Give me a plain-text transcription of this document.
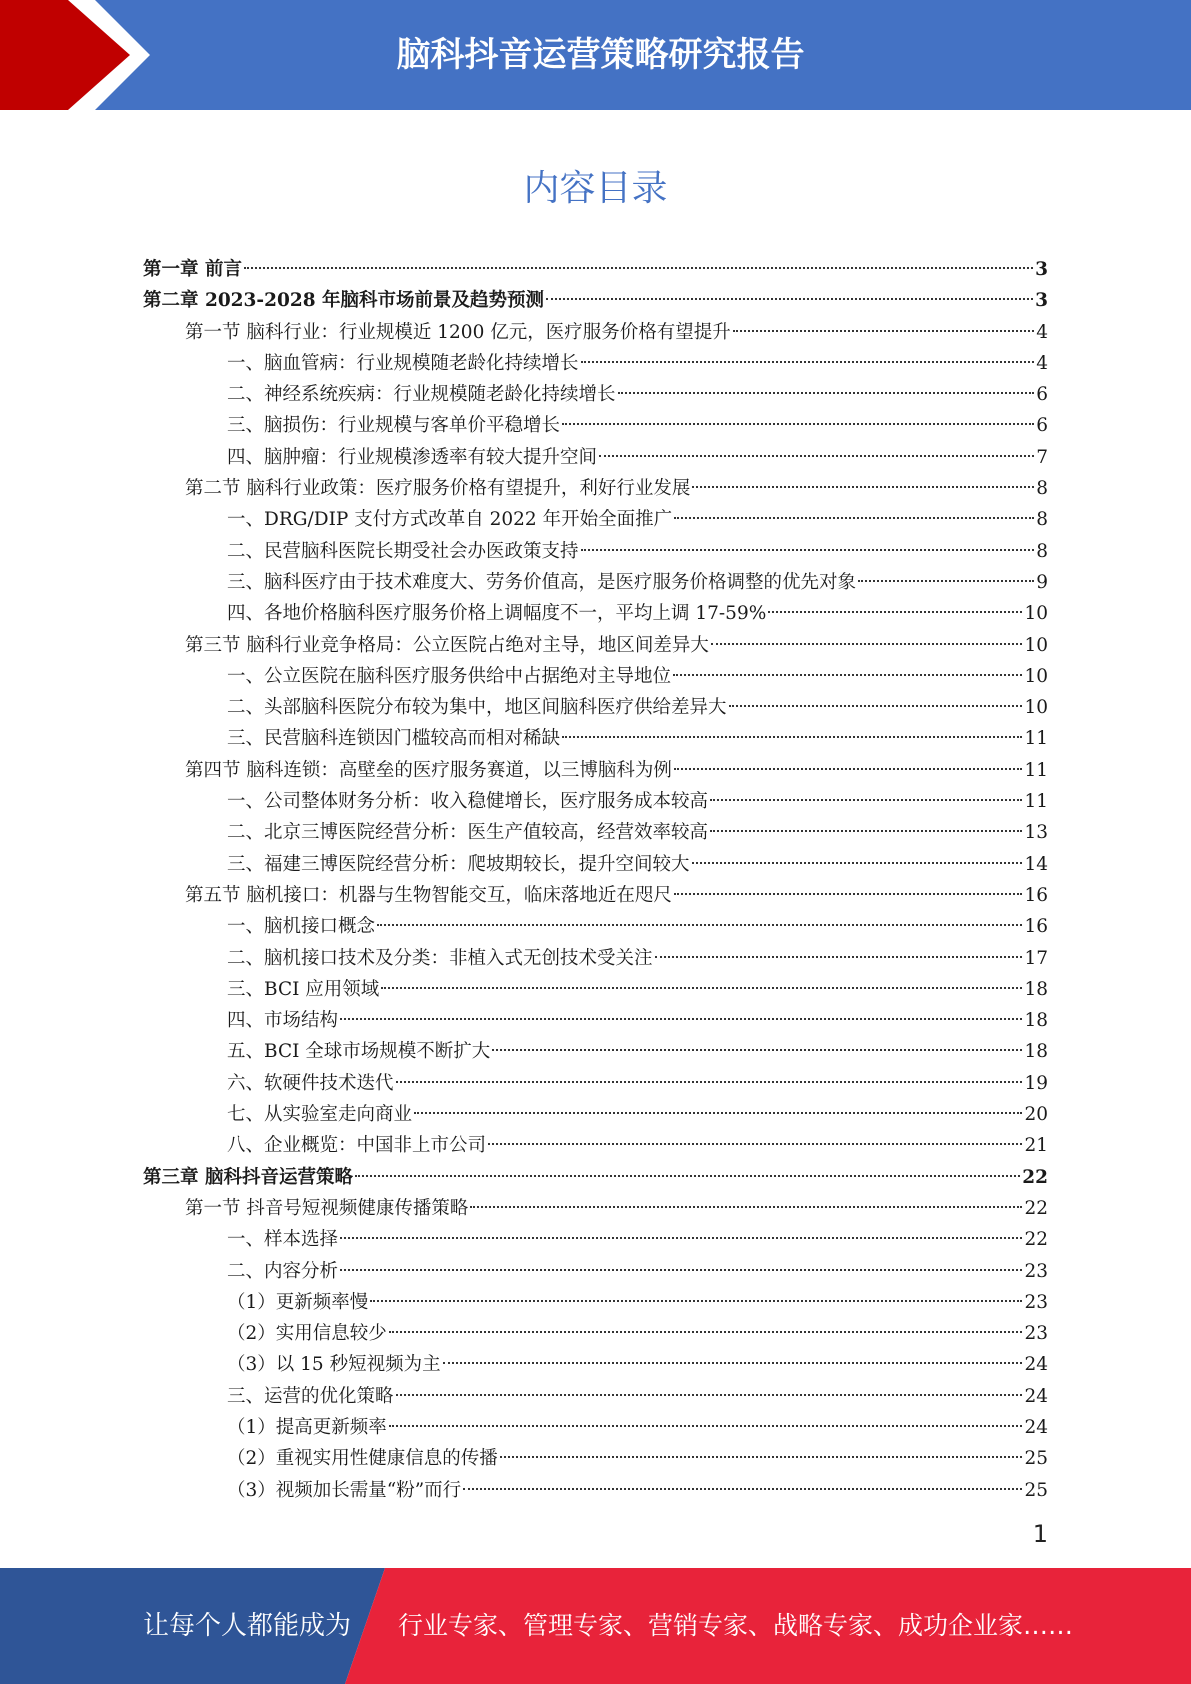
脑科抖音运营策略研究报告
内容目录
第一章 前言	3
第二章 2023-2028 年脑科市场前景及趋势预测	3
第一节 脑科行业：行业规模近 1200 亿元，医疗服务价格有望提升	4
一、脑血管病：行业规模随老龄化持续增长	4
二、神经系统疾病：行业规模随老龄化持续增长	6
三、脑损伤：行业规模与客单价平稳增长	6
四、脑肿瘤：行业规模渗透率有较大提升空间	7
第二节 脑科行业政策：医疗服务价格有望提升，利好行业发展	8
一、DRG/DIP 支付方式改革自 2022 年开始全面推广	8
二、民营脑科医院长期受社会办医政策支持	8
三、脑科医疗由于技术难度大、劳务价值高，是医疗服务价格调整的优先对象	9
四、各地价格脑科医疗服务价格上调幅度不一，平均上调 17-59%	10
第三节 脑科行业竞争格局：公立医院占绝对主导，地区间差异大	10
一、公立医院在脑科医疗服务供给中占据绝对主导地位	10
二、头部脑科医院分布较为集中，地区间脑科医疗供给差异大	10
三、民营脑科连锁因门槛较高而相对稀缺	11
第四节 脑科连锁：高壁垒的医疗服务赛道，以三博脑科为例	11
一、公司整体财务分析：收入稳健增长，医疗服务成本较高	11
二、北京三博医院经营分析：医生产值较高，经营效率较高	13
三、福建三博医院经营分析：爬坡期较长，提升空间较大	14
第五节 脑机接口：机器与生物智能交互，临床落地近在咫尺	16
一、脑机接口概念	16
二、脑机接口技术及分类：非植入式无创技术受关注	17
三、BCI 应用领域	18
四、市场结构	18
五、BCI 全球市场规模不断扩大	18
六、软硬件技术迭代	19
七、从实验室走向商业	20
八、企业概览：中国非上市公司	21
第三章 脑科抖音运营策略	22
第一节 抖音号短视频健康传播策略	22
一、样本选择	22
二、内容分析	23
（1）更新频率慢	23
（2）实用信息较少	23
（3）以 15 秒短视频为主	24
三、运营的优化策略	24
（1）提高更新频率	24
（2）重视实用性健康信息的传播	25
（3）视频加长需量“粉”而行	25
1
让每个人都能成为 行业专家、管理专家、营销专家、战略专家、成功企业家……
